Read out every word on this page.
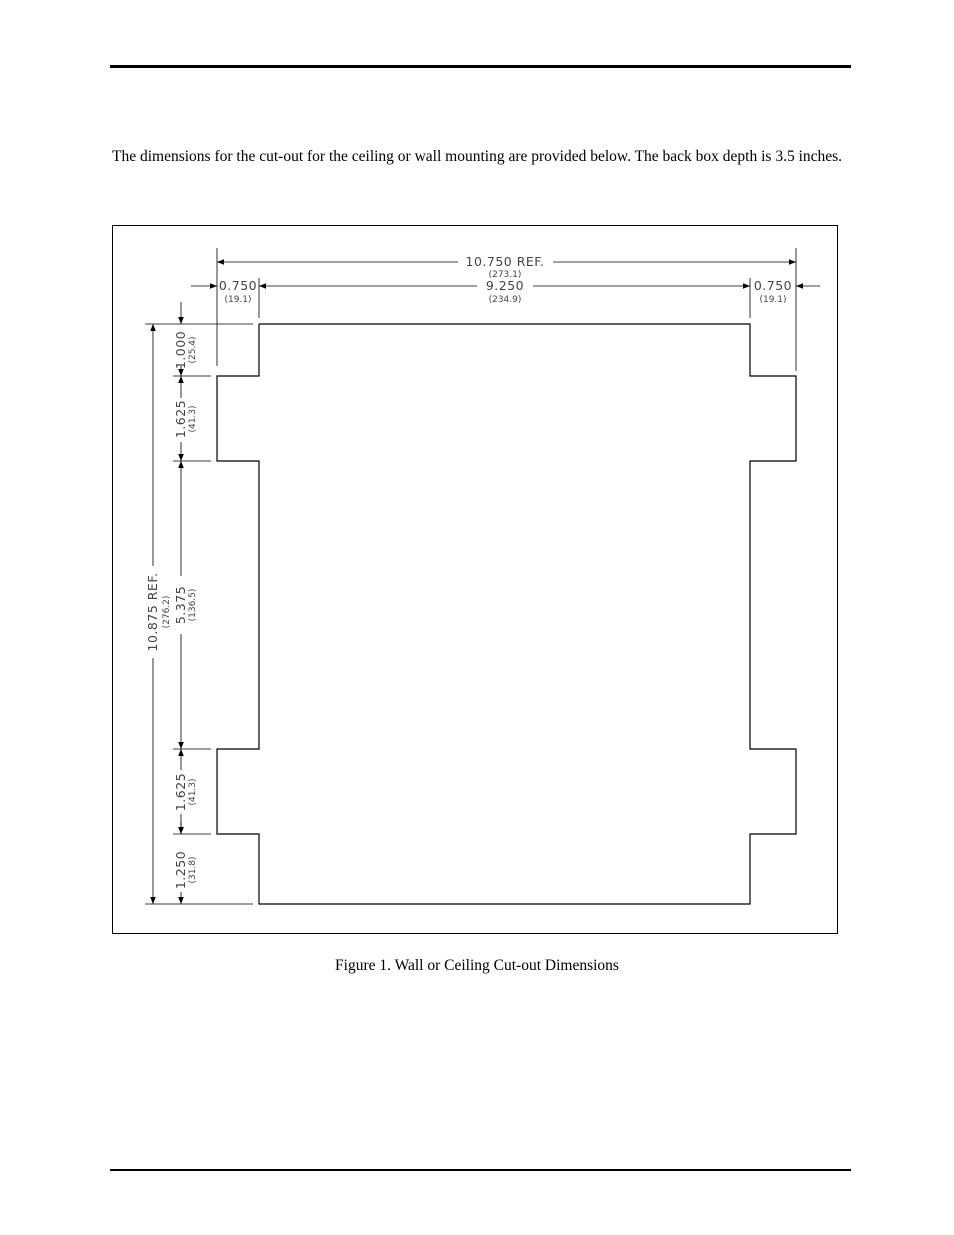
The dimensions for the cut-out for the ceiling or wall mounting are provided below. The back box depth is 3.5 inches.

10.750 REF.
(273.1)
9.250
(234.9)
0.750
(19.1)
0.750
(19.1)
10.875 REF. (276.2)
1.000 (25.4)
1.625 (41.3)
5.375 (136.5)
1.625 (41.3)
1.250 (31.8)

Figure 1. Wall or Ceiling Cut-out Dimensions
